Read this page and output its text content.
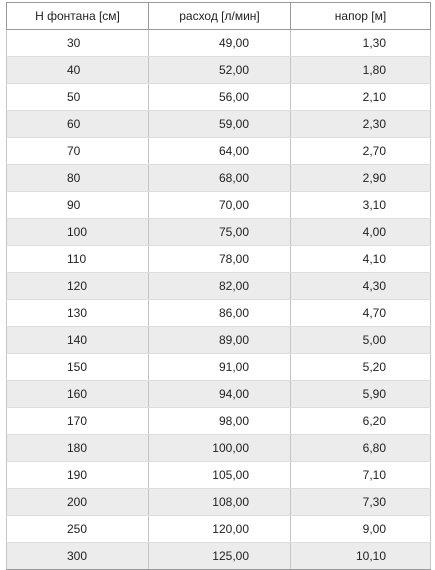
Н фонтана [см]	расход [л/мин]	напор [м]
30	49,00	1,30
40	52,00	1,80
50	56,00	2,10
60	59,00	2,30
70	64,00	2,70
80	68,00	2,90
90	70,00	3,10
100	75,00	4,00
110	78,00	4,10
120	82,00	4,30
130	86,00	4,70
140	89,00	5,00
150	91,00	5,20
160	94,00	5,90
170	98,00	6,20
180	100,00	6,80
190	105,00	7,10
200	108,00	7,30
250	120,00	9,00
300	125,00	10,10
